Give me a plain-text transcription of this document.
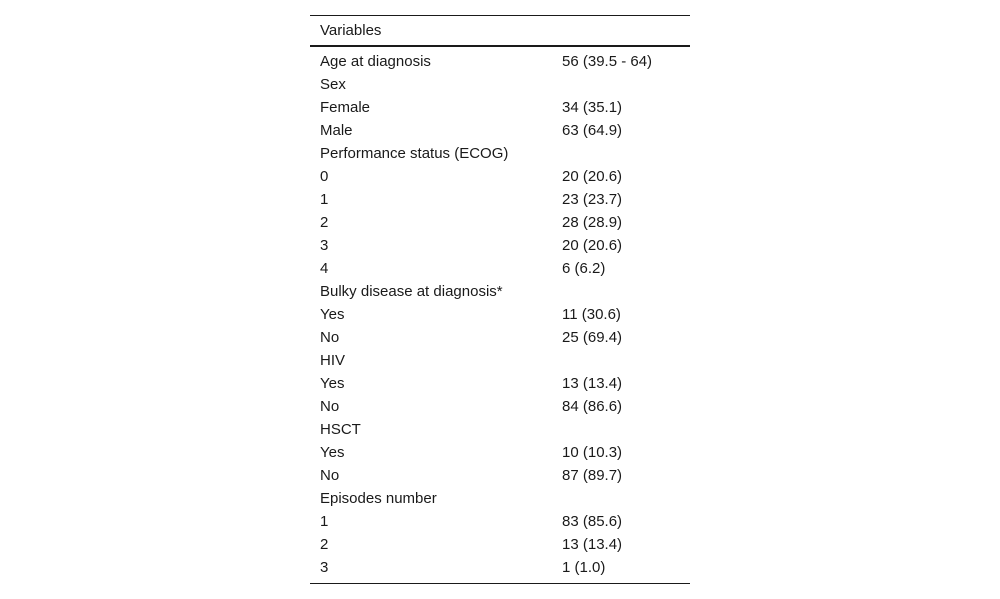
Variables
Age at diagnosis	56 (39.5 - 64)
Sex
Female	34 (35.1)
Male	63 (64.9)
Performance status (ECOG)
0	20 (20.6)
1	23 (23.7)
2	28 (28.9)
3	20 (20.6)
4	6 (6.2)
Bulky disease at diagnosis*
Yes	11 (30.6)
No	25 (69.4)
HIV
Yes	13 (13.4)
No	84 (86.6)
HSCT
Yes	10 (10.3)
No	87 (89.7)
Episodes number
1	83 (85.6)
2	13 (13.4)
3	1 (1.0)
